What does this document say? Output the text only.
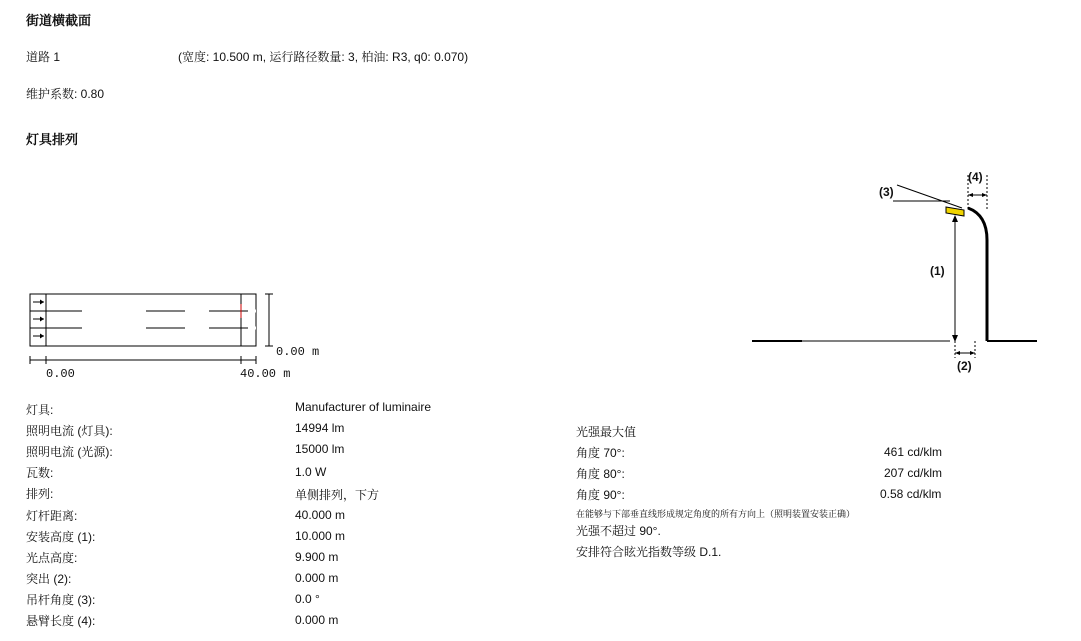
街道横截面
道路 1	(宽度: 10.500 m, 运行路径数量: 3, 柏油: R3, q0: 0.070)
维护系数: 0.80
灯具排列
0.00 m
0.00	40.00 m
(1)
(2)
(3)
(4)
灯具:	Manufacturer of luminaire
照明电流 (灯具):	14994 lm
照明电流 (光源):	15000 lm
瓦数:	1.0 W
排列:	单侧排列，下方
灯杆距离:	40.000 m
安装高度 (1):	10.000 m
光点高度:	9.900 m
突出 (2):	0.000 m
吊杆角度 (3):	0.0 °
悬臂长度 (4):	0.000 m
光强最大值
角度 70°:	461 cd/klm
角度 80°:	207 cd/klm
角度 90°:	0.58 cd/klm
在能够与下部垂直线形成规定角度的所有方向上（照明装置安装正确）
光强不超过 90°.
安排符合眩光指数等级 D.1.
